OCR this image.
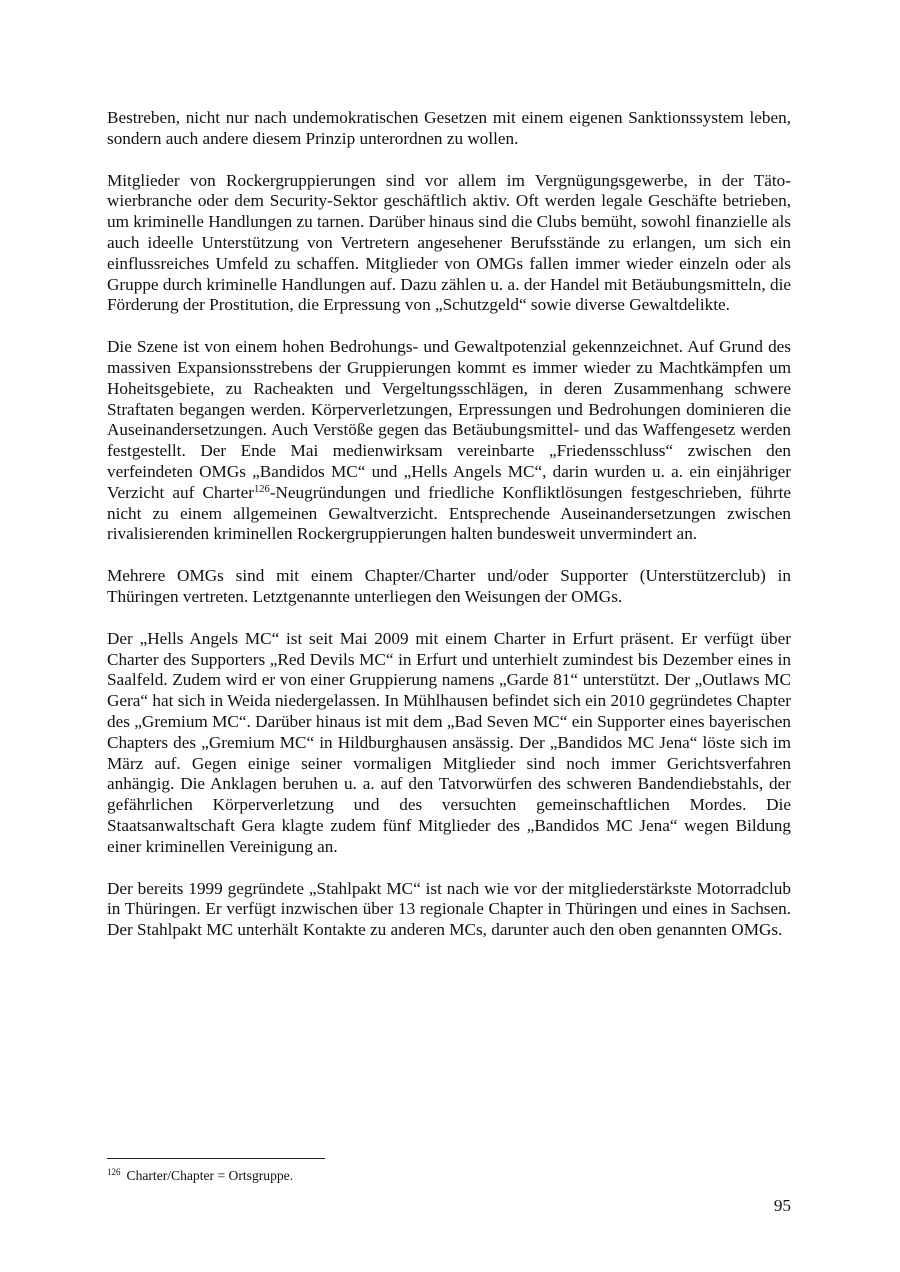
Bestreben, nicht nur nach undemokratischen Gesetzen mit einem eigenen Sanktionssystem leben, sondern auch andere diesem Prinzip unterordnen zu wollen.

Mitglieder von Rockergruppierungen sind vor allem im Vergnügungsgewerbe, in der Tätowierbranche oder dem Security-Sektor geschäftlich aktiv. Oft werden legale Geschäfte betrieben, um kriminelle Handlungen zu tarnen. Darüber hinaus sind die Clubs bemüht, sowohl finanzielle als auch ideelle Unterstützung von Vertretern angesehener Berufsstände zu erlangen, um sich ein einflussreiches Umfeld zu schaffen. Mitglieder von OMGs fallen immer wieder einzeln oder als Gruppe durch kriminelle Handlungen auf. Dazu zählen u. a. der Handel mit Betäubungsmitteln, die Förderung der Prostitution, die Erpressung von „Schutzgeld“ sowie diverse Gewaltdelikte.

Die Szene ist von einem hohen Bedrohungs- und Gewaltpotenzial gekennzeichnet. Auf Grund des massiven Expansionsstrebens der Gruppierungen kommt es immer wieder zu Machtkämpfen um Hoheitsgebiete, zu Racheakten und Vergeltungsschlägen, in deren Zusammenhang schwere Straftaten begangen werden. Körperverletzungen, Erpressungen und Bedrohungen dominieren die Auseinandersetzungen. Auch Verstöße gegen das Betäubungsmittel- und das Waffengesetz werden festgestellt. Der Ende Mai medienwirksam vereinbarte „Friedensschluss“ zwischen den verfeindeten OMGs „Bandidos MC“ und „Hells Angels MC“, darin wurden u. a. ein einjähriger Verzicht auf Charter$^{126}$-Neugründungen und friedliche Konfliktlösungen festgeschrieben, führte nicht zu einem allgemeinen Gewaltverzicht. Entsprechende Auseinandersetzungen zwischen rivalisierenden kriminellen Rockergruppierungen halten bundesweit unvermindert an.

Mehrere OMGs sind mit einem Chapter/Charter und/oder Supporter (Unterstützerclub) in Thüringen vertreten. Letztgenannte unterliegen den Weisungen der OMGs.

Der „Hells Angels MC“ ist seit Mai 2009 mit einem Charter in Erfurt präsent. Er verfügt über Charter des Supporters „Red Devils MC“ in Erfurt und unterhielt zumindest bis Dezember eines in Saalfeld. Zudem wird er von einer Gruppierung namens „Garde 81“ unterstützt. Der „Outlaws MC Gera“ hat sich in Weida niedergelassen. In Mühlhausen befindet sich ein 2010 gegründetes Chapter des „Gremium MC“. Darüber hinaus ist mit dem „Bad Seven MC“ ein Supporter eines bayerischen Chapters des „Gremium MC“ in Hildburghausen ansässig. Der „Bandidos MC Jena“ löste sich im März auf. Gegen einige seiner vormaligen Mitglieder sind noch immer Gerichtsverfahren anhängig. Die Anklagen beruhen u. a. auf den Tatvorwürfen des schweren Bandendiebstahls, der gefährlichen Körperverletzung und des versuchten gemeinschaftlichen Mordes. Die Staatsanwaltschaft Gera klagte zudem fünf Mitglieder des „Bandidos MC Jena“ wegen Bildung einer kriminellen Vereinigung an.

Der bereits 1999 gegründete „Stahlpakt MC“ ist nach wie vor der mitgliederstärkste Motorradclub in Thüringen. Er verfügt inzwischen über 13 regionale Chapter in Thüringen und eines in Sachsen. Der Stahlpakt MC unterhält Kontakte zu anderen MCs, darunter auch den oben genannten OMGs.

$^{126}$ Charter/Chapter = Ortsgruppe.
95
